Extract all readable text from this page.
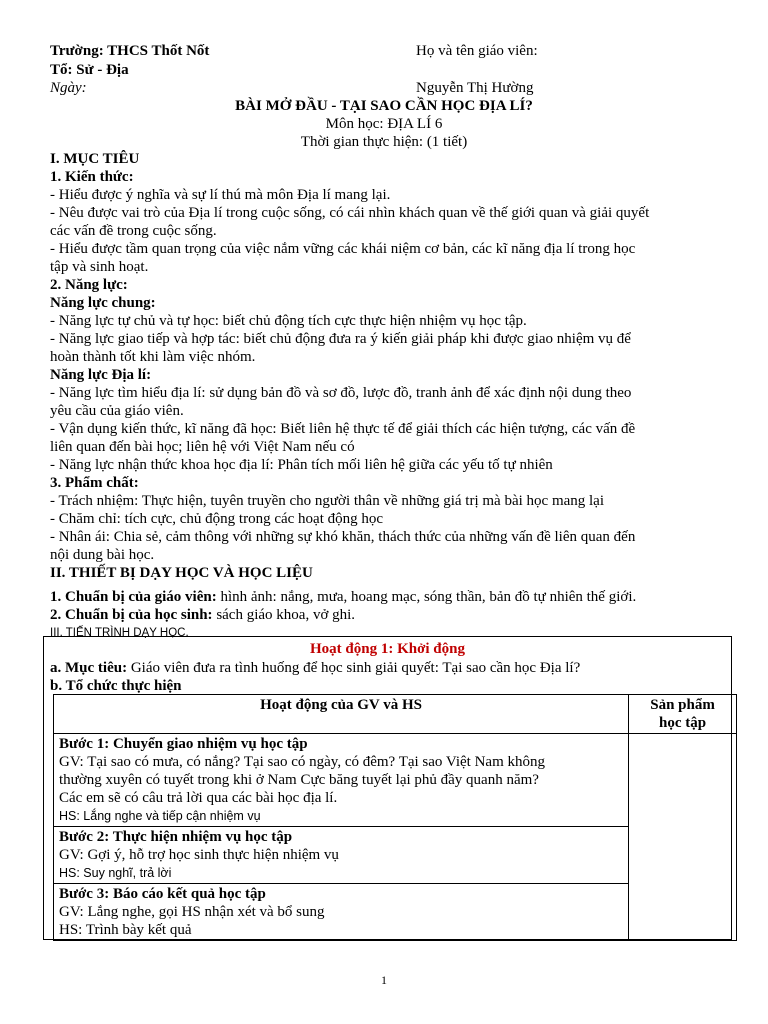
Trường: THCS Thốt Nốt	Họ và tên giáo viên:
Tổ: Sử - Địa
Ngày:	Nguyễn Thị Hường
BÀI MỞ ĐẦU - TẠI SAO CẦN HỌC ĐỊA LÍ?
Môn học: ĐỊA LÍ 6
Thời gian thực hiện: (1 tiết)
I. MỤC TIÊU
1. Kiến thức:
- Hiểu được ý nghĩa và sự lí thú mà môn Địa lí mang lại.
- Nêu được vai trò của Địa lí trong cuộc sống, có cái nhìn khách quan về thế giới quan và giải quyết
các vấn đề trong cuộc sống.
- Hiểu được tầm quan trọng của việc nắm vững các khái niệm cơ bản, các kĩ năng địa lí trong học
tập và sinh hoạt.
2. Năng lực:
Năng lực chung:
- Năng lực tự chủ và tự học: biết chủ động tích cực thực hiện nhiệm vụ học tập.
- Năng lực giao tiếp và hợp tác: biết chủ động đưa ra ý kiến giải pháp khi được giao nhiệm vụ để
hoàn thành tốt khi làm việc nhóm.
Năng lực Địa lí:
- Năng lực tìm hiểu địa lí: sử dụng bản đồ và sơ đồ, lược đồ, tranh ảnh để xác định nội dung theo
yêu cầu của giáo viên.
- Vận dụng kiến thức, kĩ năng đã học: Biết liên hệ thực tế để giải thích các hiện tượng, các vấn đề
liên quan đến bài học; liên hệ với Việt Nam nếu có
- Năng lực nhận thức khoa học địa lí: Phân tích mối liên hệ giữa các yếu tố tự nhiên
3. Phẩm chất:
- Trách nhiệm: Thực hiện, tuyên truyền cho người thân về những giá trị mà bài học mang lại
- Chăm chỉ: tích cực, chủ động trong các hoạt động học
- Nhân ái: Chia sẻ, cảm thông với những sự khó khăn, thách thức của những vấn đề liên quan đến
nội dung bài học.
II. THIẾT BỊ DẠY HỌC VÀ HỌC LIỆU
1. Chuẩn bị của giáo viên: hình ảnh: nắng, mưa, hoang mạc, sóng thần, bản đồ tự nhiên thế giới.
2. Chuẩn bị của học sinh: sách giáo khoa, vở ghi.
III. TIẾN TRÌNH DẠY HỌC.
Hoạt động 1: Khởi động
a. Mục tiêu: Giáo viên đưa ra tình huống để học sinh giải quyết: Tại sao cần học Địa lí?
b. Tổ chức thực hiện
Hoạt động của GV và HS	Sản phẩm
học tập

Bước 1: Chuyển giao nhiệm vụ học tập
GV: Tại sao có mưa, có nắng? Tại sao có ngày, có đêm? Tại sao Việt Nam không
thường xuyên có tuyết trong khi ở Nam Cực băng tuyết lại phủ đầy quanh năm?
Các em sẽ có câu trả lời qua các bài học địa lí.
HS: Lắng nghe và tiếp cận nhiệm vụ	

Bước 2: Thực hiện nhiệm vụ học tập
GV: Gợi ý, hỗ trợ học sinh thực hiện nhiệm vụ
HS: Suy nghĩ, trả lời	

Bước 3: Báo cáo kết quả học tập
GV: Lắng nghe, gọi HS nhận xét và bổ sung
HS: Trình bày kết quả	
1
